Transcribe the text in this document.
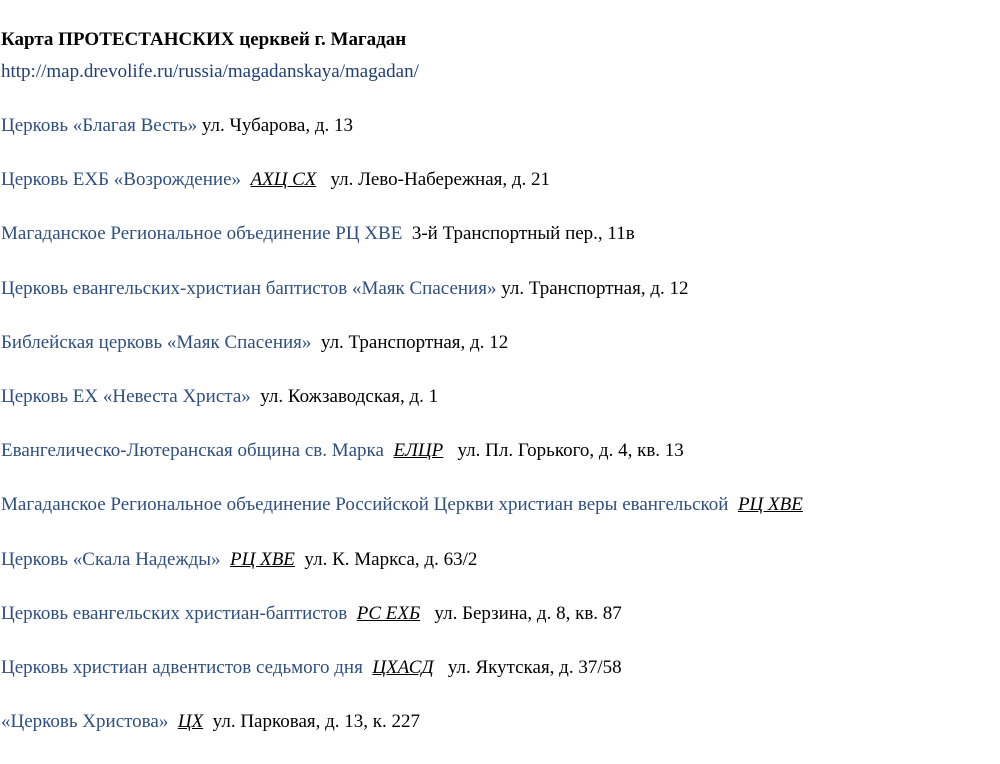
Карта ПРОТЕСТАНСКИХ церквей г. Магадан
http://map.drevolife.ru/russia/magadanskaya/magadan/
Церковь «Благая Весть» ул. Чубарова, д. 13
Церковь ЕХБ «Возрождение» АХЦ СХ ул. Лево-Набережная, д. 21
Магаданское Региональное объединение РЦ ХВЕ 3-й Транспортный пер., 11в
Церковь евангельских-христиан баптистов «Маяк Спасения» ул. Транспортная, д. 12
Библейская церковь «Маяк Спасения» ул. Транспортная, д. 12
Церковь ЕХ «Невеста Христа» ул. Кожзаводская, д. 1
Евангелическо-Лютеранская община св. Марка ЕЛЦР ул. Пл. Горького, д. 4, кв. 13
Магаданское Региональное объединение Российской Церкви христиан веры евангельской РЦ ХВЕ
Церковь «Скала Надежды» РЦ ХВЕ ул. К. Маркса, д. 63/2
Церковь евангельских христиан-баптистов РС ЕХБ ул. Берзина, д. 8, кв. 87
Церковь христиан адвентистов седьмого дня ЦХАСД ул. Якутская, д. 37/58
«Церковь Христова» ЦХ ул. Парковая, д. 13, к. 227
